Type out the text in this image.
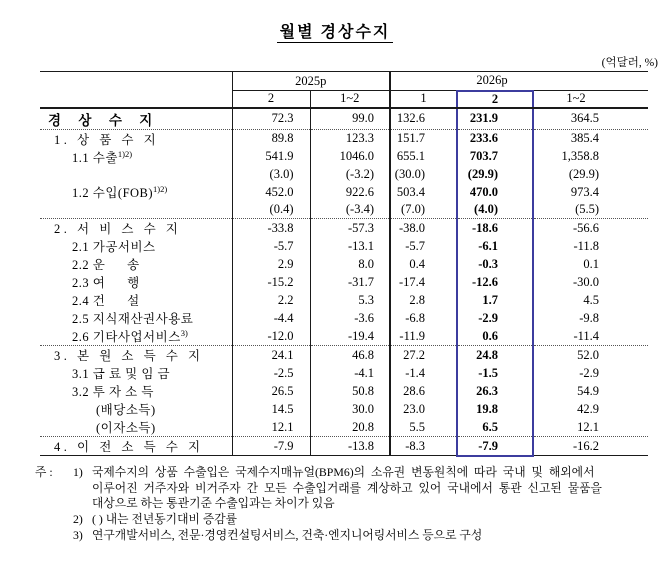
월별 경상수지
(억달러, %)
	2025p		2026p		
	2	1~2	1	2	1~2
경 상 수 지	72.3	99.0	132.6	231.9	364.5
1. 상 품 수 지	89.8	123.3	151.7	233.6	385.4
1.1 수출$^{1)2)}$	541.9	1046.0	655.1	703.7	1,358.8
	(3.0)	(-3.2)	(30.0)	(29.9)	(29.9)
1.2 수입(FOB)$^{1)2)}$	452.0	922.6	503.4	470.0	973.4
	(0.4)	(-3.4)	(7.0)	(4.0)	(5.5)
2. 서 비 스 수 지	-33.8	-57.3	-38.0	-18.6	-56.6
2.1 가공서비스	-5.7	-13.1	-5.7	-6.1	-11.8
2.2 운      송	2.9	8.0	0.4	-0.3	0.1
2.3 여      행	-15.2	-31.7	-17.4	-12.6	-30.0
2.4 건      설	2.2	5.3	2.8	1.7	4.5
2.5 지식재산권사용료	-4.4	-3.6	-6.8	-2.9	-9.8
2.6 기타사업서비스$^{3)}$	-12.0	-19.4	-11.9	0.6	-11.4
3. 본 원 소 득 수 지	24.1	46.8	27.2	24.8	52.0
3.1 급 료 및 임 금	-2.5	-4.1	-1.4	-1.5	-2.9
3.2 투 자 소 득	26.5	50.8	28.6	26.3	54.9
(배당소득)	14.5	30.0	23.0	19.8	42.9
(이자소득)	12.1	20.8	5.5	6.5	12.1
4. 이 전 소 득 수 지	-7.9	-13.8	-8.3	-7.9	-16.2
주 :	1) 국제수지의 상품 수출입은 국제수지매뉴얼(BPM6)의 소유권 변동원칙에 따라 국내 및 해외에서
이루어진 거주자와 비거주자 간 모든 수출입거래를 계상하고 있어 국내에서 통관 신고된 물품을
대상으로 하는 통관기준 수출입과는 차이가 있음
2) ( ) 내는 전년동기대비 증감률
3) 연구개발서비스, 전문·경영컨설팅서비스, 건축·엔지니어링서비스 등으로 구성
